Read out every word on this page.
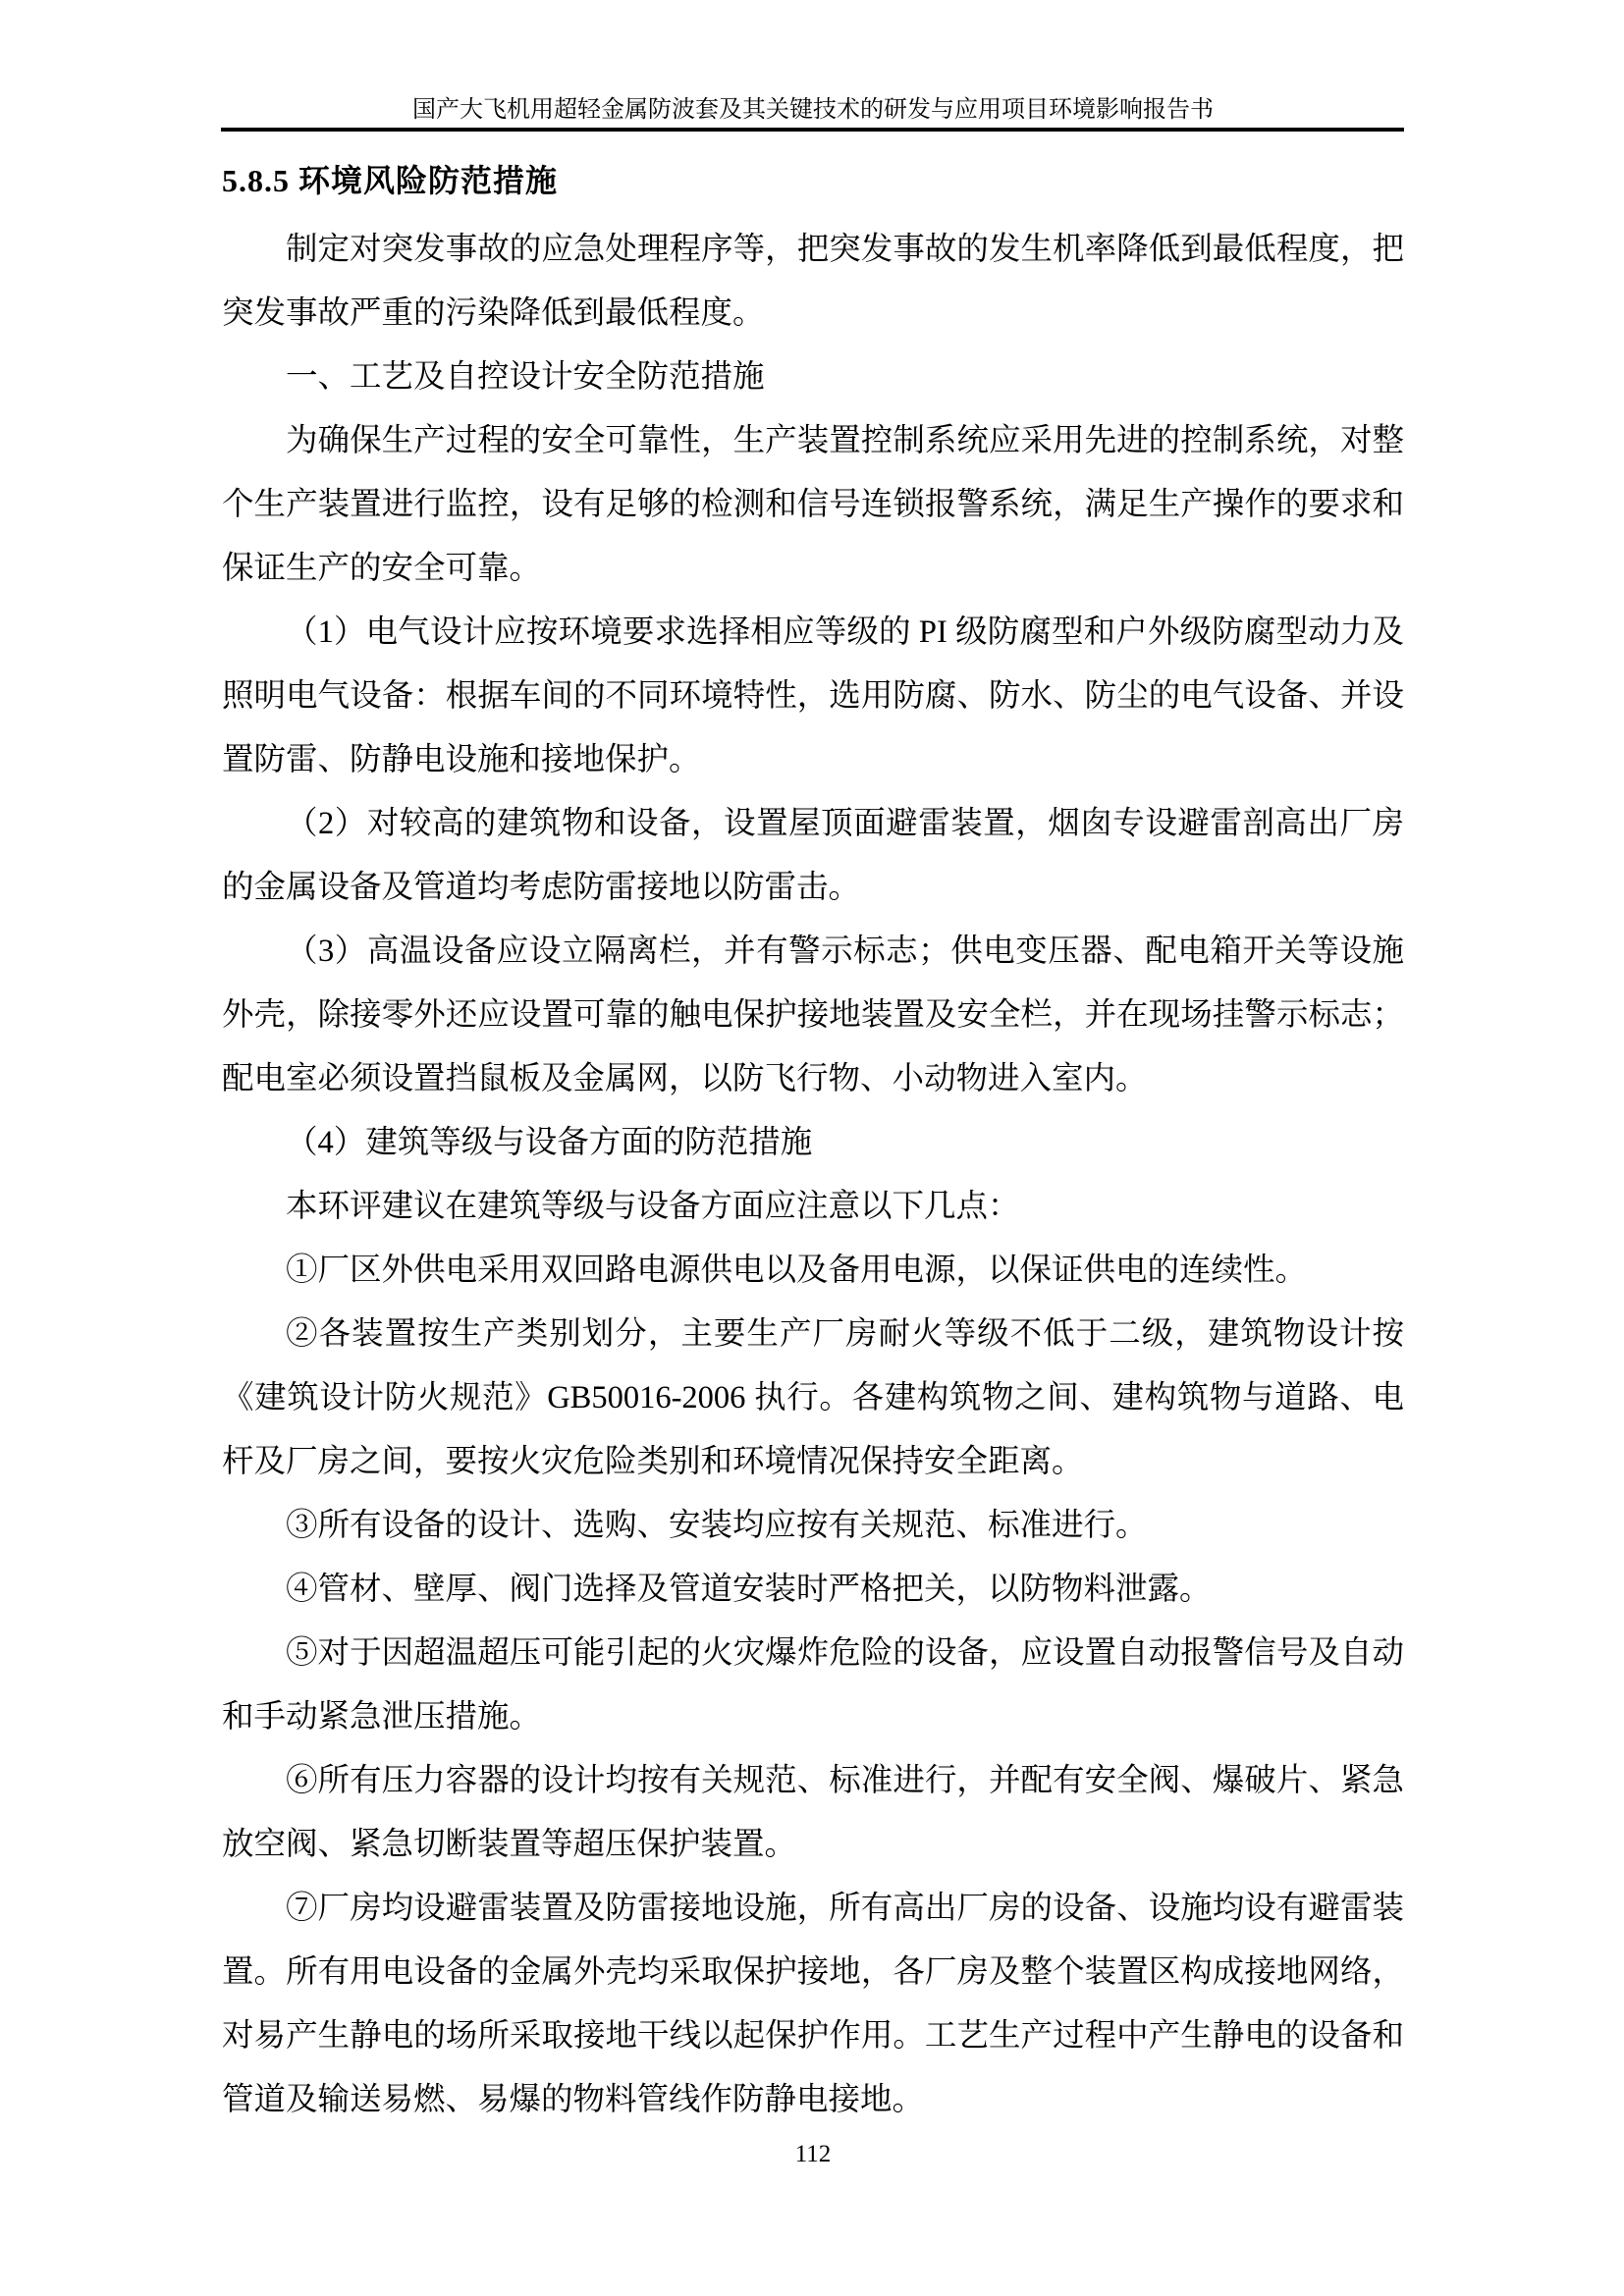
国产大飞机用超轻金属防波套及其关键技术的研发与应用项目环境影响报告书
5.8.5 环境风险防范措施

制定对突发事故的应急处理程序等，把突发事故的发生机率降低到最低程度，把突发事故严重的污染降低到最低程度。

一、工艺及自控设计安全防范措施

为确保生产过程的安全可靠性，生产装置控制系统应采用先进的控制系统，对整个生产装置进行监控，设有足够的检测和信号连锁报警系统，满足生产操作的要求和保证生产的安全可靠。

（1）电气设计应按环境要求选择相应等级的 PI 级防腐型和户外级防腐型动力及照明电气设备：根据车间的不同环境特性，选用防腐、防水、防尘的电气设备、并设置防雷、防静电设施和接地保护。

（2）对较高的建筑物和设备，设置屋顶面避雷装置，烟囱专设避雷剖高出厂房的金属设备及管道均考虑防雷接地以防雷击。

（3）高温设备应设立隔离栏，并有警示标志；供电变压器、配电箱开关等设施外壳，除接零外还应设置可靠的触电保护接地装置及安全栏，并在现场挂警示标志；配电室必须设置挡鼠板及金属网，以防飞行物、小动物进入室内。

（4）建筑等级与设备方面的防范措施

本环评建议在建筑等级与设备方面应注意以下几点：

①厂区外供电采用双回路电源供电以及备用电源，以保证供电的连续性。

②各装置按生产类别划分，主要生产厂房耐火等级不低于二级，建筑物设计按《建筑设计防火规范》GB50016-2006 执行。各建构筑物之间、建构筑物与道路、电杆及厂房之间，要按火灾危险类别和环境情况保持安全距离。

③所有设备的设计、选购、安装均应按有关规范、标准进行。

④管材、壁厚、阀门选择及管道安装时严格把关，以防物料泄露。

⑤对于因超温超压可能引起的火灾爆炸危险的设备，应设置自动报警信号及自动和手动紧急泄压措施。

⑥所有压力容器的设计均按有关规范、标准进行，并配有安全阀、爆破片、紧急放空阀、紧急切断装置等超压保护装置。

⑦厂房均设避雷装置及防雷接地设施，所有高出厂房的设备、设施均设有避雷装置。所有用电设备的金属外壳均采取保护接地，各厂房及整个装置区构成接地网络，对易产生静电的场所采取接地干线以起保护作用。工艺生产过程中产生静电的设备和管道及输送易燃、易爆的物料管线作防静电接地。

112
